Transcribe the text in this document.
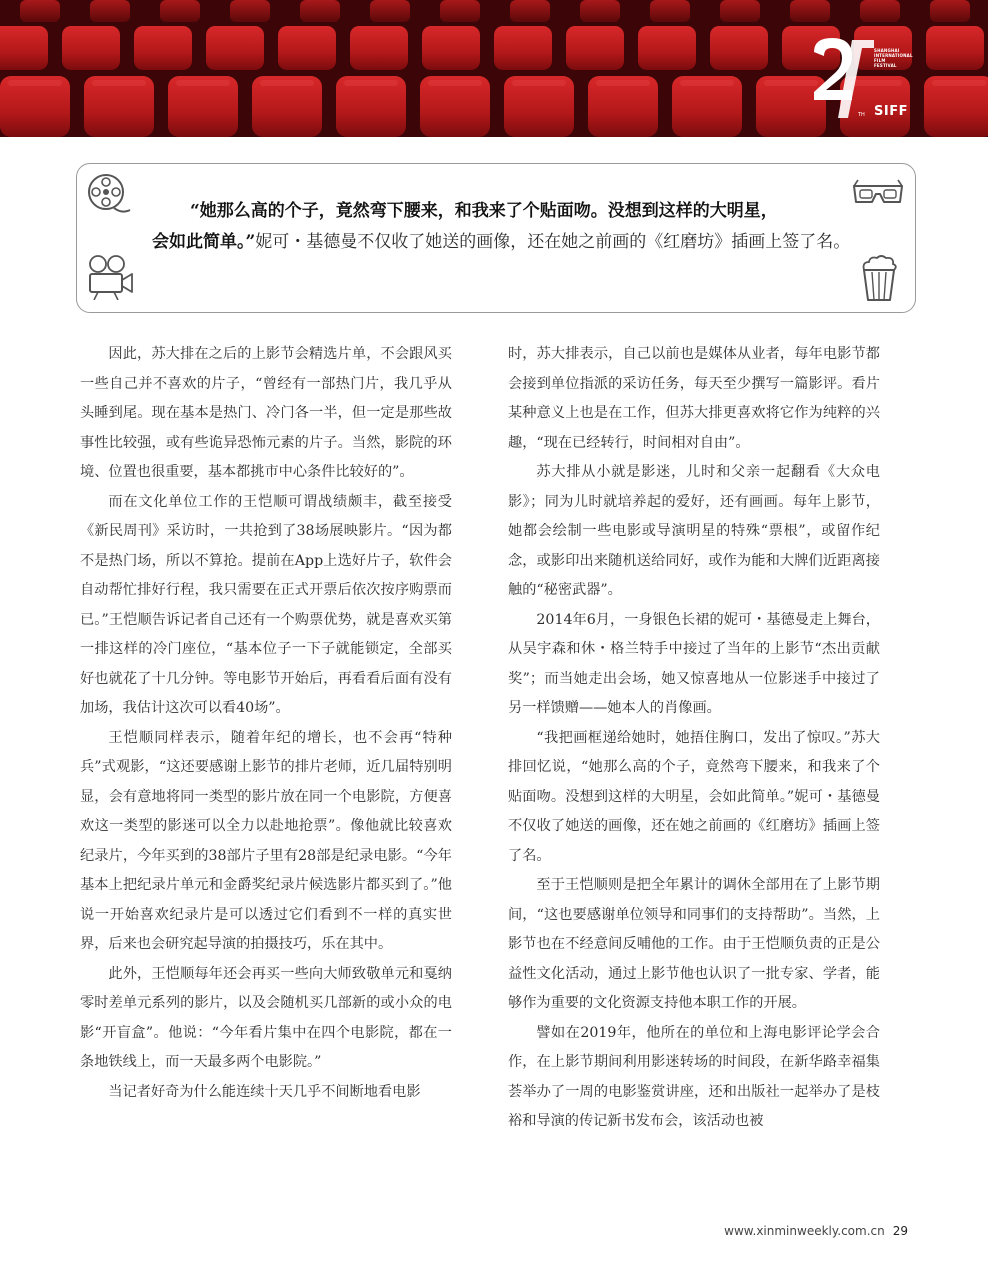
SHANGHAI
INTERNATIONAL
FILM
FESTIVAL
TH SIFF
“她那么高的个子，竟然弯下腰来，和我来了个贴面吻。没想到这样的大明星，
会如此简单。”妮可・基德曼不仅收了她送的画像，还在她之前画的《红磨坊》插画上签了名。

因此，苏大排在之后的上影节会精选片单，不会跟风买一些自己并不喜欢的片子，“曾经有一部热门片，我几乎从头睡到尾。现在基本是热门、冷门各一半，但一定是那些故事性比较强，或有些诡异恐怖元素的片子。当然，影院的环境、位置也很重要，基本都挑市中心条件比较好的”。

而在文化单位工作的王恺顺可谓战绩颇丰，截至接受《新民周刊》采访时，一共抢到了38场展映影片。“因为都不是热门场，所以不算抢。提前在App上选好片子，软件会自动帮忙排好行程，我只需要在正式开票后依次按序购票而已。”王恺顺告诉记者自己还有一个购票优势，就是喜欢买第一排这样的冷门座位，“基本位子一下子就能锁定，全部买好也就花了十几分钟。等电影节开始后，再看看后面有没有加场，我估计这次可以看40场”。

王恺顺同样表示，随着年纪的增长，也不会再“特种兵”式观影，“这还要感谢上影节的排片老师，近几届特别明显，会有意地将同一类型的影片放在同一个电影院，方便喜欢这一类型的影迷可以全力以赴地抢票”。像他就比较喜欢纪录片，今年买到的38部片子里有28部是纪录电影。“今年基本上把纪录片单元和金爵奖纪录片候选影片都买到了。”他说一开始喜欢纪录片是可以透过它们看到不一样的真实世界，后来也会研究起导演的拍摄技巧，乐在其中。

此外，王恺顺每年还会再买一些向大师致敬单元和戛纳零时差单元系列的影片，以及会随机买几部新的或小众的电影“开盲盒”。他说：“今年看片集中在四个电影院，都在一条地铁线上，而一天最多两个电影院。”

当记者好奇为什么能连续十天几乎不间断地看电影

时，苏大排表示，自己以前也是媒体从业者，每年电影节都会接到单位指派的采访任务，每天至少撰写一篇影评。看片某种意义上也是在工作，但苏大排更喜欢将它作为纯粹的兴趣，“现在已经转行，时间相对自由”。

苏大排从小就是影迷，儿时和父亲一起翻看《大众电影》；同为儿时就培养起的爱好，还有画画。每年上影节，她都会绘制一些电影或导演明星的特殊“票根”，或留作纪念，或影印出来随机送给同好，或作为能和大牌们近距离接触的“秘密武器”。

2014年6月，一身银色长裙的妮可・基德曼走上舞台，从吴宇森和休・格兰特手中接过了当年的上影节“杰出贡献奖”；而当她走出会场，她又惊喜地从一位影迷手中接过了另一样馈赠——她本人的肖像画。

“我把画框递给她时，她捂住胸口，发出了惊叹。”苏大排回忆说，“她那么高的个子，竟然弯下腰来，和我来了个贴面吻。没想到这样的大明星，会如此简单。”妮可・基德曼不仅收了她送的画像，还在她之前画的《红磨坊》插画上签了名。

至于王恺顺则是把全年累计的调休全部用在了上影节期间，“这也要感谢单位领导和同事们的支持帮助”。当然，上影节也在不经意间反哺他的工作。由于王恺顺负责的正是公益性文化活动，通过上影节他也认识了一批专家、学者，能够作为重要的文化资源支持他本职工作的开展。

譬如在2019年，他所在的单位和上海电影评论学会合作，在上影节期间利用影迷转场的时间段，在新华路幸福集荟举办了一周的电影鉴赏讲座，还和出版社一起举办了是枝裕和导演的传记新书发布会，该活动也被

www.xinminweekly.com.cn 29
